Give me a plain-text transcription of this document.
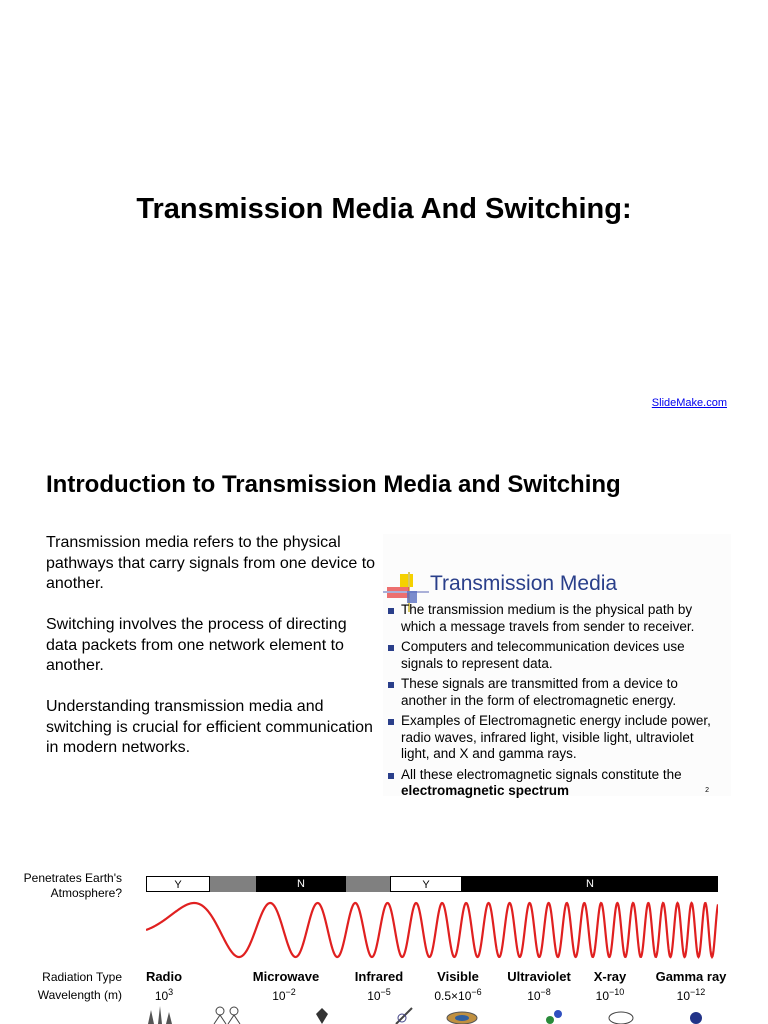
Transmission Media And Switching:
SlideMake.com
Introduction to Transmission Media and Switching
Transmission media refers to the physical pathways that carry signals from one device to another.
Switching involves the process of directing data packets from one network element to another.
Understanding transmission media and switching is crucial for efficient communication in modern networks.
Transmission Media
The transmission medium is the physical path by which a message travels from sender to receiver.
Computers and telecommunication devices use signals to represent data.
These signals are transmitted from a device to another in the form of electromagnetic energy.
Examples of Electromagnetic energy include power, radio waves, infrared light, visible light, ultraviolet light, and X and gamma rays.
All these electromagnetic signals constitute the electromagnetic spectrum	2
Penetrates Earth's Atmosphere?
Y	N	Y	N
Radiation Type
Wavelength (m)
Radio	Microwave	Infrared	Visible	Ultraviolet	X-ray	Gamma ray
$10^3$	$10^{-2}$	$10^{-5}$	$0.5\times 10^{-6}$	$10^{-8}$	$10^{-10}$	$10^{-12}$
